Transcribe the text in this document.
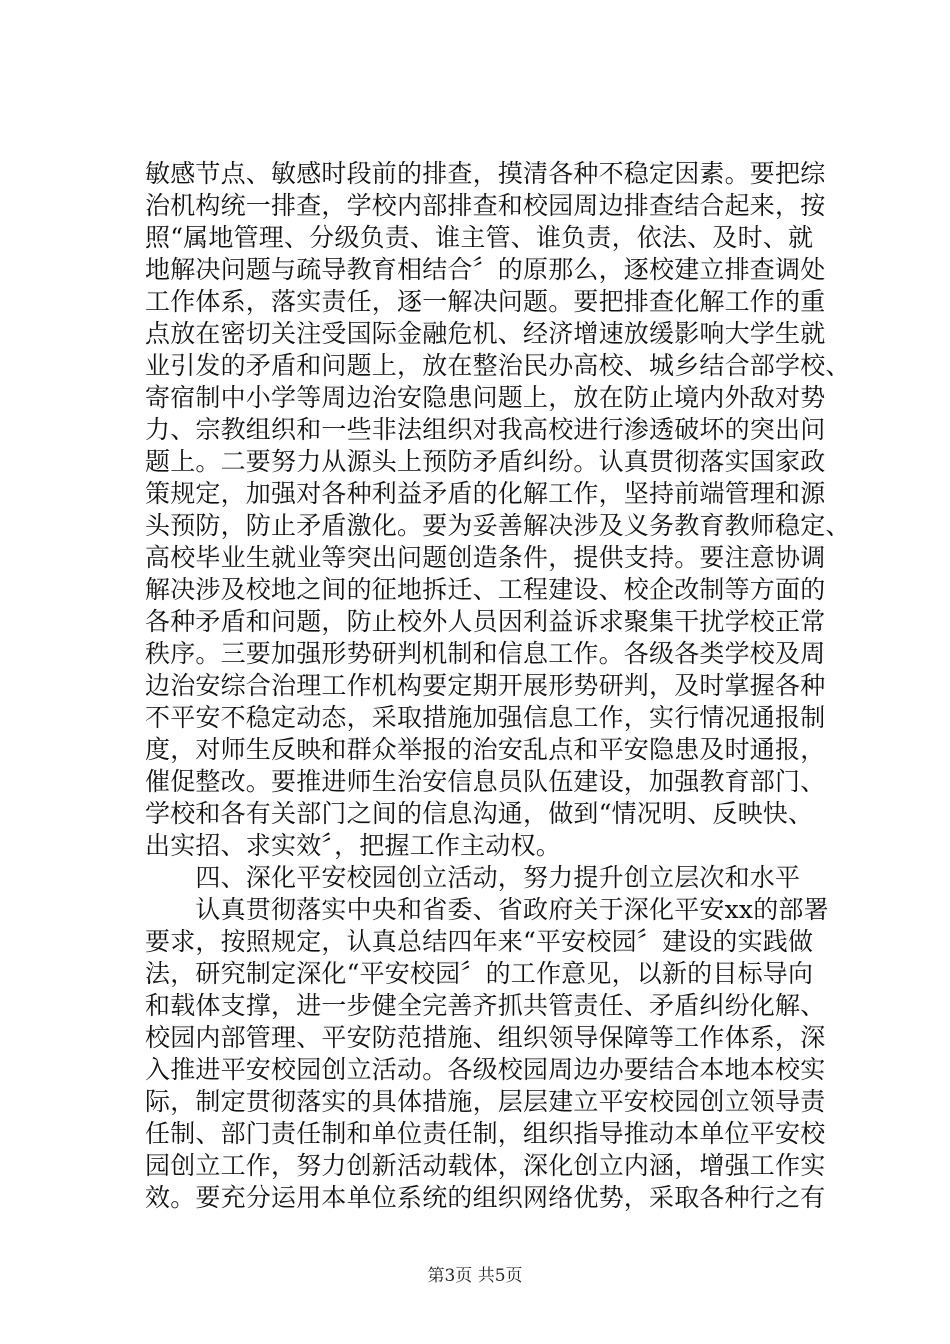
敏感节点、敏感时段前的排查，摸清各种不稳定因素。要把综
治机构统一排查，学校内部排查和校园周边排查结合起来，按
照“属地管理、分级负责、谁主管、谁负责，依法、及时、就
地解决问题与疏导教育相结合〞的原那么，逐校建立排查调处
工作体系，落实责任，逐一解决问题。要把排查化解工作的重
点放在密切关注受国际金融危机、经济增速放缓影响大学生就
业引发的矛盾和问题上，放在整治民办高校、城乡结合部学校、
寄宿制中小学等周边治安隐患问题上，放在防止境内外敌对势
力、宗教组织和一些非法组织对我高校进行渗透破坏的突出问
题上。二要努力从源头上预防矛盾纠纷。认真贯彻落实国家政
策规定，加强对各种利益矛盾的化解工作，坚持前端管理和源
头预防，防止矛盾激化。要为妥善解决涉及义务教育教师稳定、
高校毕业生就业等突出问题创造条件，提供支持。要注意协调
解决涉及校地之间的征地拆迁、工程建设、校企改制等方面的
各种矛盾和问题，防止校外人员因利益诉求聚集干扰学校正常
秩序。三要加强形势研判机制和信息工作。各级各类学校及周
边治安综合治理工作机构要定期开展形势研判，及时掌握各种
不平安不稳定动态，采取措施加强信息工作，实行情况通报制
度，对师生反映和群众举报的治安乱点和平安隐患及时通报，
催促整改。要推进师生治安信息员队伍建设，加强教育部门、
学校和各有关部门之间的信息沟通，做到“情况明、反映快、
出实招、求实效〞，把握工作主动权。
　　四、深化平安校园创立活动，努力提升创立层次和水平
　　认真贯彻落实中央和省委、省政府关于深化平安xx的部署
要求，按照规定，认真总结四年来“平安校园〞建设的实践做
法，研究制定深化“平安校园〞的工作意见，以新的目标导向
和载体支撑，进一步健全完善齐抓共管责任、矛盾纠纷化解、
校园内部管理、平安防范措施、组织领导保障等工作体系，深
入推进平安校园创立活动。各级校园周边办要结合本地本校实
际，制定贯彻落实的具体措施，层层建立平安校园创立领导责
任制、部门责任制和单位责任制，组织指导推动本单位平安校
园创立工作，努力创新活动载体，深化创立内涵，增强工作实
效。要充分运用本单位系统的组织网络优势，采取各种行之有
第3页 共5页
